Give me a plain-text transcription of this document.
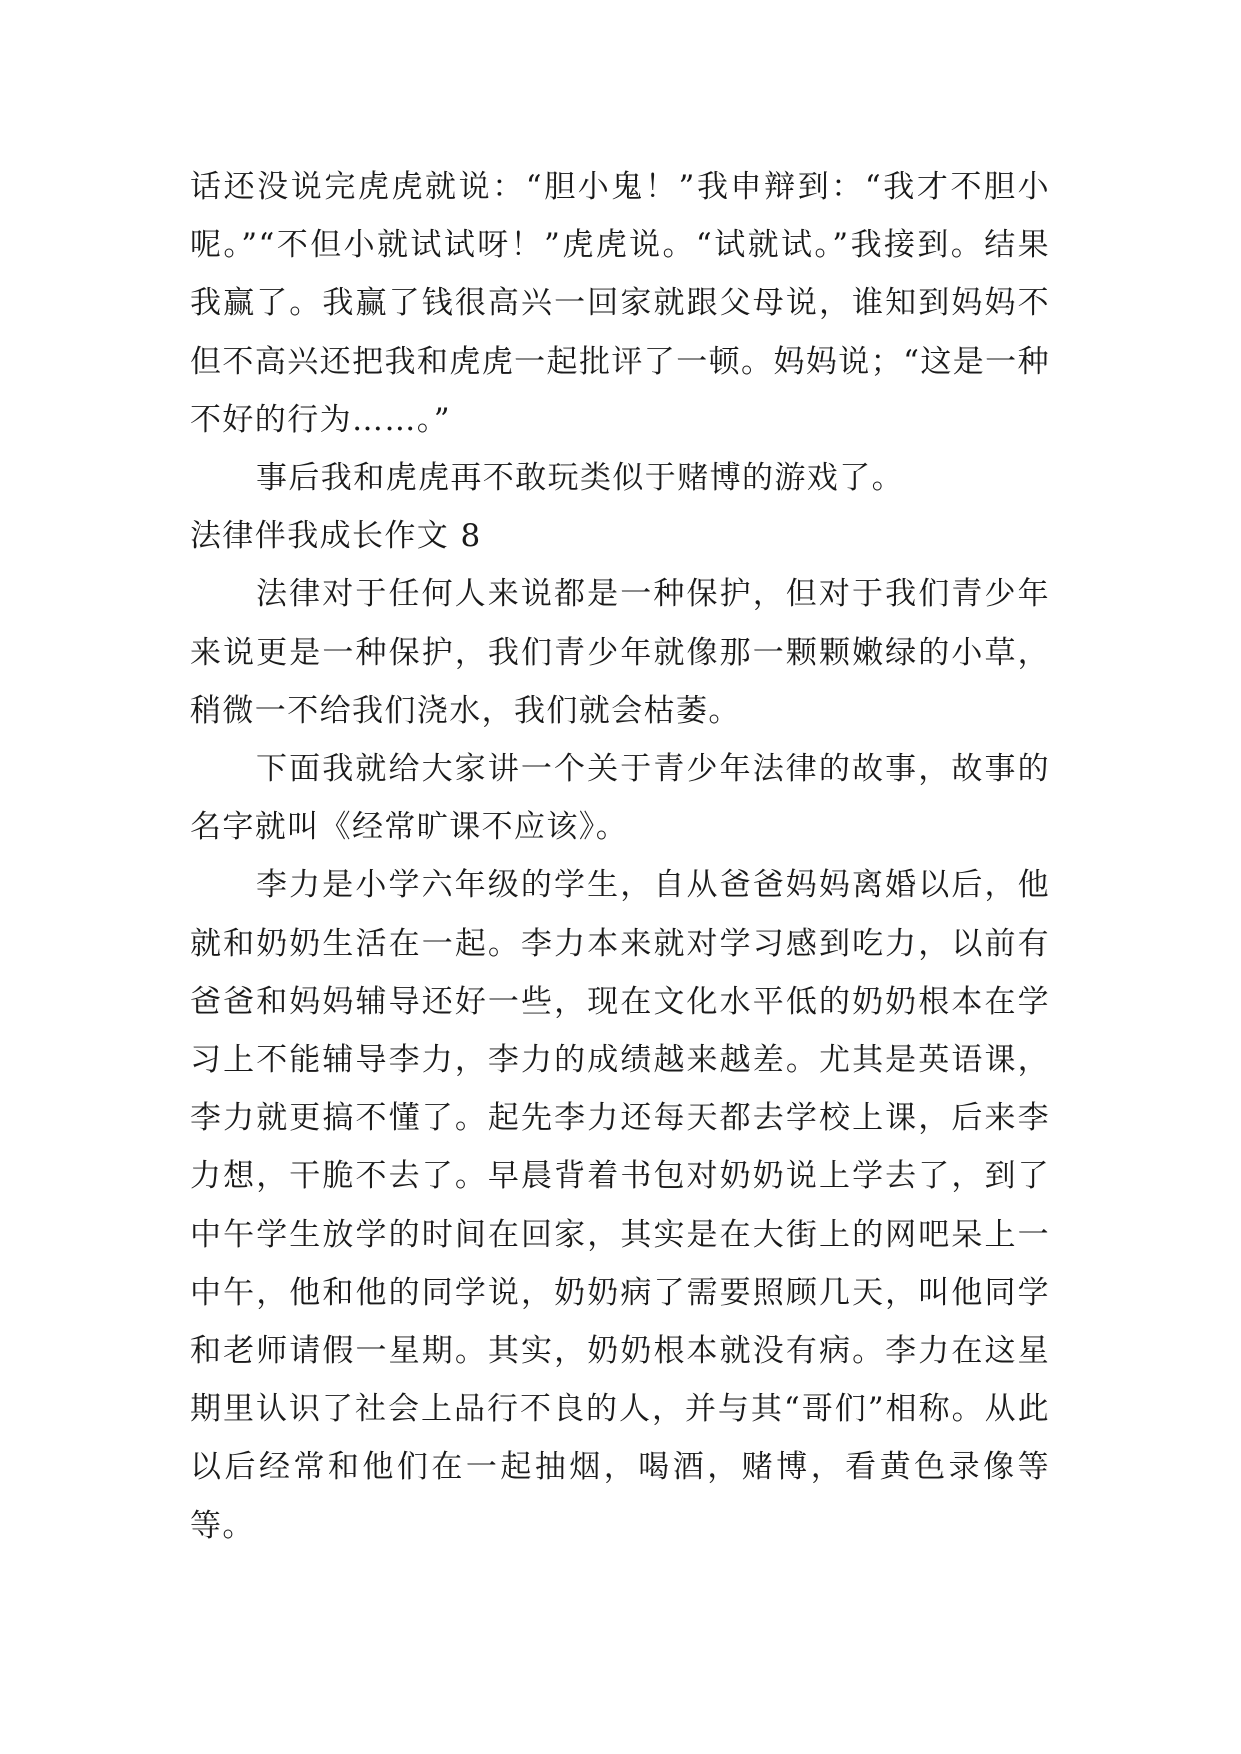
话还没说完虎虎就说：“胆小鬼！”我申辩到：“我才不胆小呢。”“不但小就试试呀！”虎虎说。“试就试。”我接到。结果我赢了。我赢了钱很高兴一回家就跟父母说，谁知到妈妈不但不高兴还把我和虎虎一起批评了一顿。妈妈说；“这是一种不好的行为……。”

事后我和虎虎再不敢玩类似于赌博的游戏了。

法律伴我成长作文 8

法律对于任何人来说都是一种保护，但对于我们青少年来说更是一种保护，我们青少年就像那一颗颗嫩绿的小草，稍微一不给我们浇水，我们就会枯萎。

下面我就给大家讲一个关于青少年法律的故事，故事的名字就叫《经常旷课不应该》。

李力是小学六年级的学生，自从爸爸妈妈离婚以后，他就和奶奶生活在一起。李力本来就对学习感到吃力，以前有爸爸和妈妈辅导还好一些，现在文化水平低的奶奶根本在学习上不能辅导李力，李力的成绩越来越差。尤其是英语课，李力就更搞不懂了。起先李力还每天都去学校上课，后来李力想，干脆不去了。早晨背着书包对奶奶说上学去了，到了中午学生放学的时间在回家，其实是在大街上的网吧呆上一中午，他和他的同学说，奶奶病了需要照顾几天，叫他同学和老师请假一星期。其实，奶奶根本就没有病。李力在这星期里认识了社会上品行不良的人，并与其“哥们”相称。从此以后经常和他们在一起抽烟，喝酒，赌博，看黄色录像等等。
